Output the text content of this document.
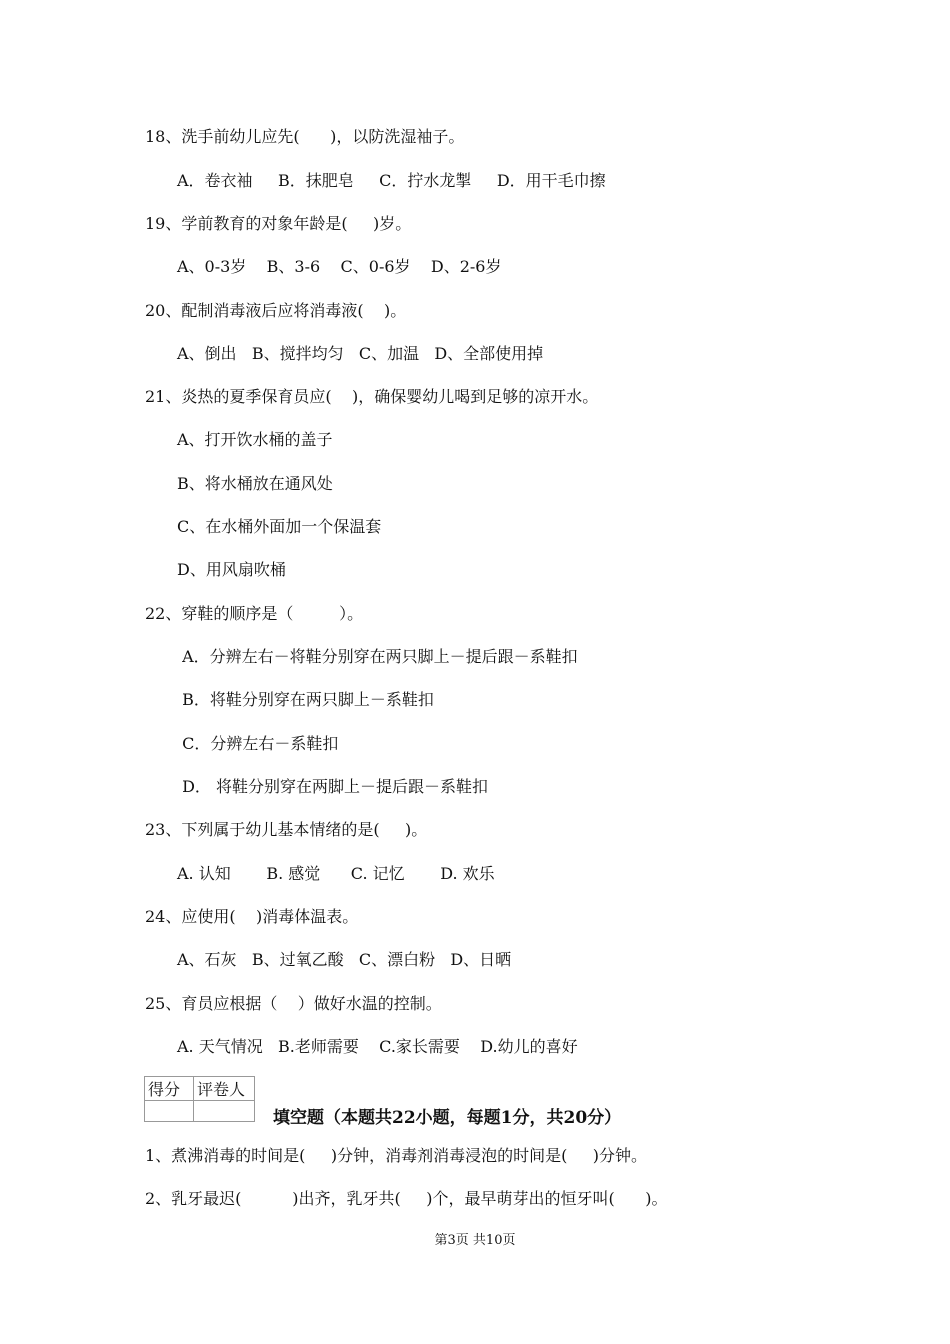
18、洗手前幼儿应先(      )，以防洗湿袖子。
A．卷衣袖     B．抹肥皂     C．拧水龙掣     D．用干毛巾擦
19、学前教育的对象年龄是(     )岁。
A、0-3岁    B、3-6    C、0-6岁    D、2-6岁
20、配制消毒液后应将消毒液(    )。
A、倒出   B、搅拌均匀   C、加温   D、全部使用掉
21、炎热的夏季保育员应(    )，确保婴幼儿喝到足够的凉开水。
A、打开饮水桶的盖子
B、将水桶放在通风处
C、在水桶外面加一个保温套
D、用风扇吹桶
22、穿鞋的顺序是（         ）。
A．分辨左右－将鞋分别穿在两只脚上－提后跟－系鞋扣
B．将鞋分别穿在两只脚上－系鞋扣
C．分辨左右－系鞋扣
D． 将鞋分别穿在两脚上－提后跟－系鞋扣
23、下列属于幼儿基本情绪的是(     )。
A. 认知       B. 感觉      C. 记忆       D. 欢乐
24、应使用(    )消毒体温表。
A、石灰   B、过氧乙酸   C、漂白粉   D、日晒
25、育员应根据（    ）做好水温的控制。
A. 天气情况   B.老师需要    C.家长需要    D.幼儿的喜好
得分	评卷人

填空题（本题共22小题，每题1分，共20分）
1、煮沸消毒的时间是(     )分钟，消毒剂消毒浸泡的时间是(     )分钟。
2、乳牙最迟(          )出齐，乳牙共(     )个，最早萌芽出的恒牙叫(      )。
第3页 共10页
